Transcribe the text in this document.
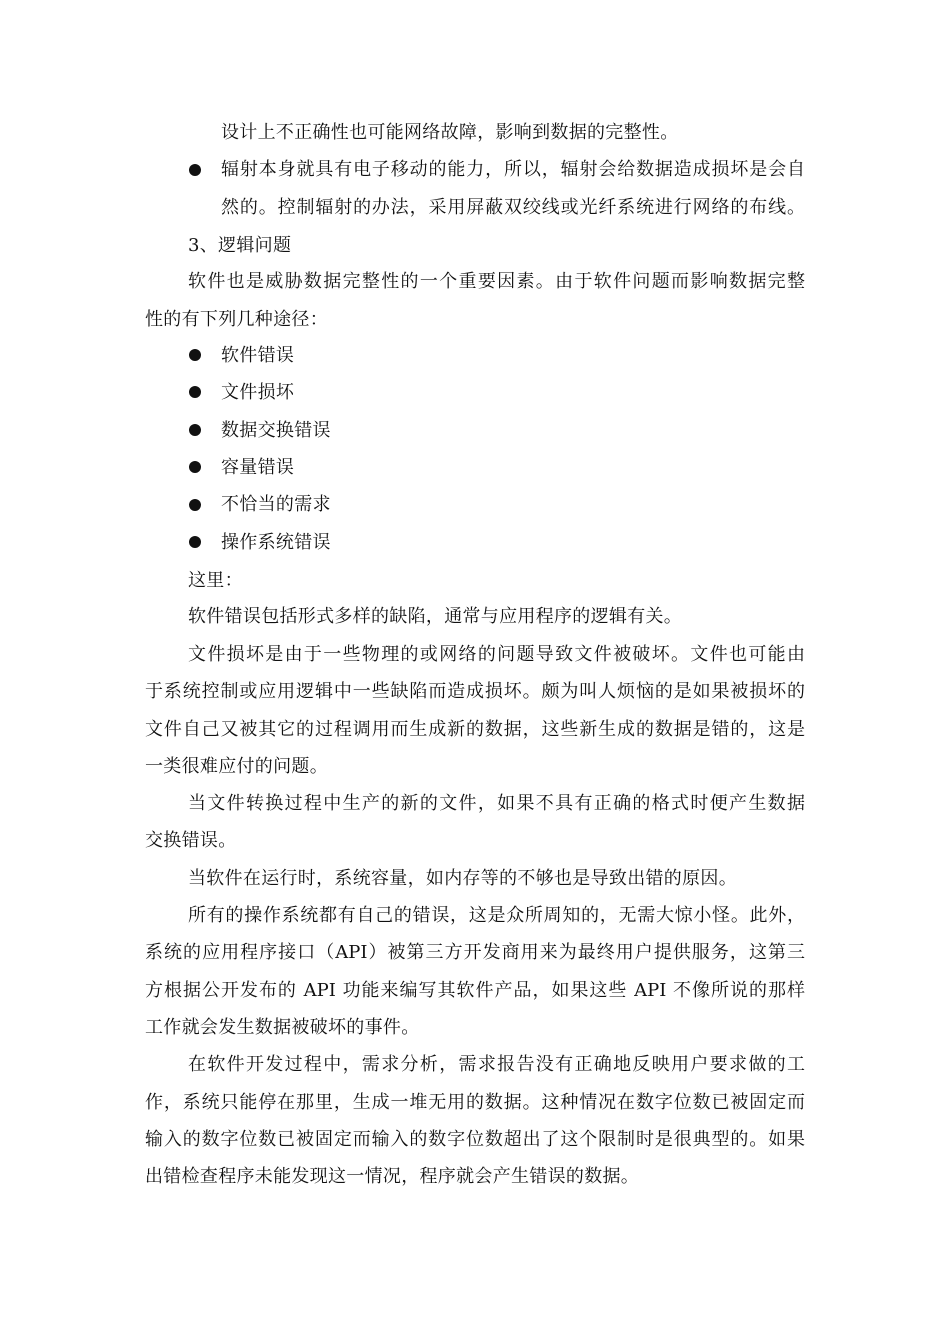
设计上不正确性也可能网络故障，影响到数据的完整性。
辐射本身就具有电子移动的能力，所以，辐射会给数据造成损坏是会自
然的。控制辐射的办法，采用屏蔽双绞线或光纤系统进行网络的布线。
3、逻辑问题
软件也是威胁数据完整性的一个重要因素。由于软件问题而影响数据完整
性的有下列几种途径：
软件错误
文件损坏
数据交换错误
容量错误
不恰当的需求
操作系统错误
这里：
软件错误包括形式多样的缺陷，通常与应用程序的逻辑有关。
文件损坏是由于一些物理的或网络的问题导致文件被破坏。文件也可能由
于系统控制或应用逻辑中一些缺陷而造成损坏。颇为叫人烦恼的是如果被损坏的
文件自己又被其它的过程调用而生成新的数据，这些新生成的数据是错的，这是
一类很难应付的问题。
当文件转换过程中生产的新的文件，如果不具有正确的格式时便产生数据
交换错误。
当软件在运行时，系统容量，如内存等的不够也是导致出错的原因。
所有的操作系统都有自己的错误，这是众所周知的，无需大惊小怪。此外，
系统的应用程序接口（API）被第三方开发商用来为最终用户提供服务，这第三
方根据公开发布的 API 功能来编写其软件产品，如果这些 API 不像所说的那样
工作就会发生数据被破坏的事件。
在软件开发过程中，需求分析，需求报告没有正确地反映用户要求做的工
作，系统只能停在那里，生成一堆无用的数据。这种情况在数字位数已被固定而
输入的数字位数已被固定而输入的数字位数超出了这个限制时是很典型的。如果
出错检查程序未能发现这一情况，程序就会产生错误的数据。
